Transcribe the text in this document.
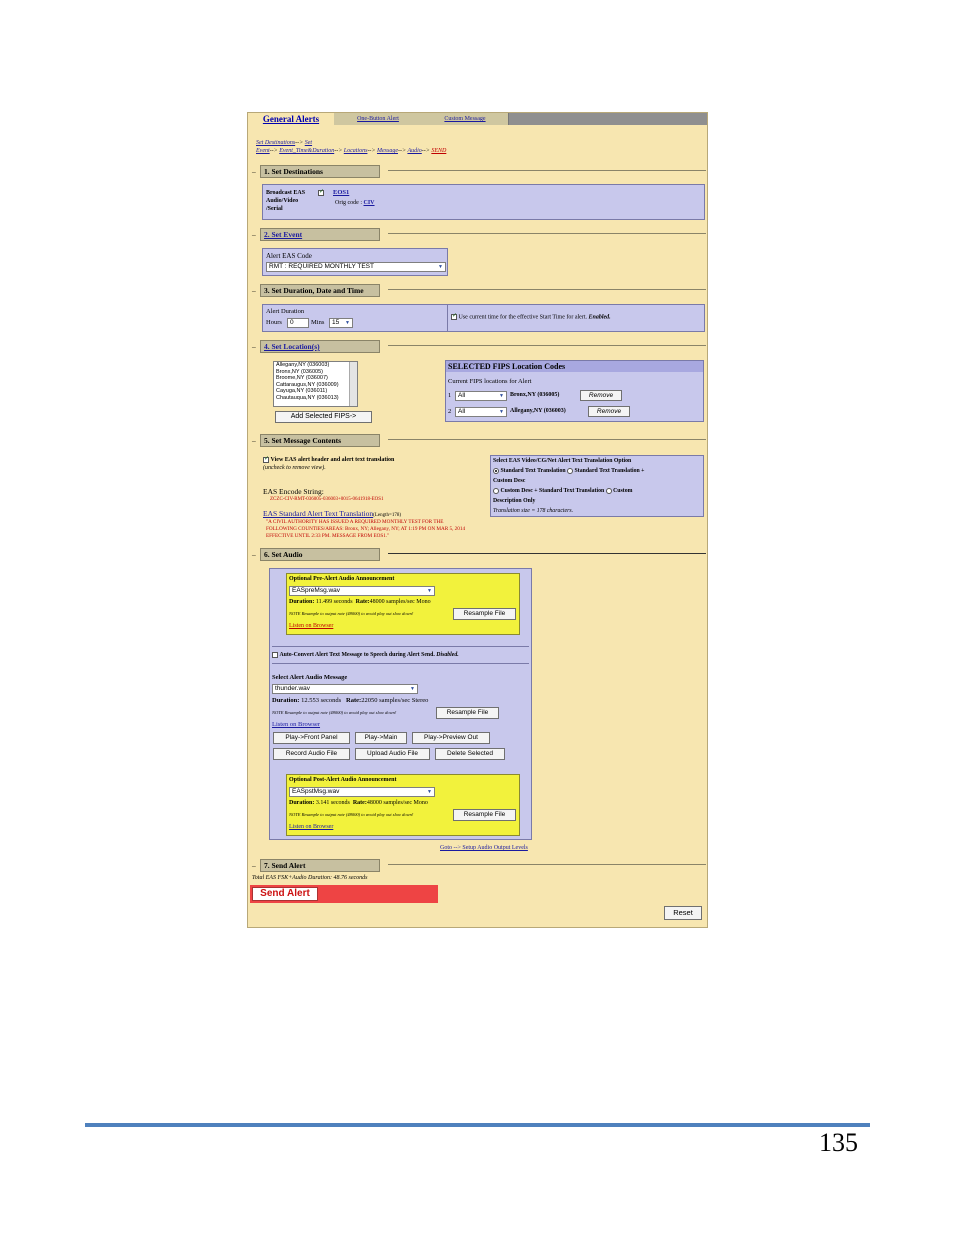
General Alerts	One-Button Alert	Custom Message
Set Destinations--> Set
Event--> Event_Time&Duration--> Locations--> Message--> Audio--> SEND
– 1. Set Destinations
Broadcast EAS
Audio/Video
/Serial
✓
EOS1
Orig code : CIV
– 2. Set Event
Alert EAS Code
RMT : REQUIRED MONTHLY TEST	▼
– 3. Set Duration, Date and Time
Alert Duration
Hours	0	Mins	15 ▼
✓ Use current time for the effective Start Time for alert. Enabled.
– 4. Set Location(s)
Allegany,NY (036003)
Bronx,NY (036005)
Broome,NY (036007)
Cattaraugus,NY (036009)
Cayuga,NY (036011)
Chautauqua,NY (036013)
Add Selected FIPS->
SELECTED FIPS Location Codes
Current FIPS locations for Alert
1	All	▼ Bronx,NY (036005)	Remove
2	All	▼ Allegany,NY (036003)	Remove
– 5. Set Message Contents
✓ View EAS alert header and alert text translation
(uncheck to remove view).
EAS Encode String:
ZCZC-CIV-RMT-036005-036003+0015-0641918-EOS1
EAS Standard Alert Text Translation(Length=178)
"A CIVIL AUTHORITY HAS ISSUED A REQUIRED MONTHLY TEST FOR THE
FOLLOWING COUNTIES/AREAS: Bronx, NY; Allegany, NY; AT 1:19 PM ON MAR 5, 2014
EFFECTIVE UNTIL 2:33 PM. MESSAGE FROM EOS1."
Select EAS Video/CG/Net Alert Text Translation Option
Standard Text Translation Standard Text Translation +
Custom Desc
Custom Desc + Standard Text Translation Custom
Description Only
Translation size = 178 characters.
– 6. Set Audio
Optional Pre-Alert Audio Announcement
EASpreMsg.wav	▼
Duration: 11.499 seconds Rate:48000 samples/sec Mono
NOTE Resample to output rate (48000) to avoid play out slow down!	Resample File
Listen on Browser
Auto-Convert Alert Text Message to Speech during Alert Send. Disabled.
Select Alert Audio Message
thunder.wav	▼
Duration: 12.553 seconds Rate:22050 samples/sec Stereo
NOTE Resample to output rate (48000) to avoid play out slow down!	Resample File
Listen on Browser
Play->Front Panel	Play->Main	Play->Preview Out
Record Audio File	Upload Audio File	Delete Selected
Optional Post-Alert Audio Announcement
EASpstMsg.wav	▼
Duration: 3.141 seconds Rate:48000 samples/sec Mono
NOTE Resample to output rate (48000) to avoid play out slow down!	Resample File
Listen on Browser
Goto --> Setup Audio Output Levels
– 7. Send Alert
Total EAS FSK+Audio Duration: 48.76 seconds
Send Alert
Reset
135
